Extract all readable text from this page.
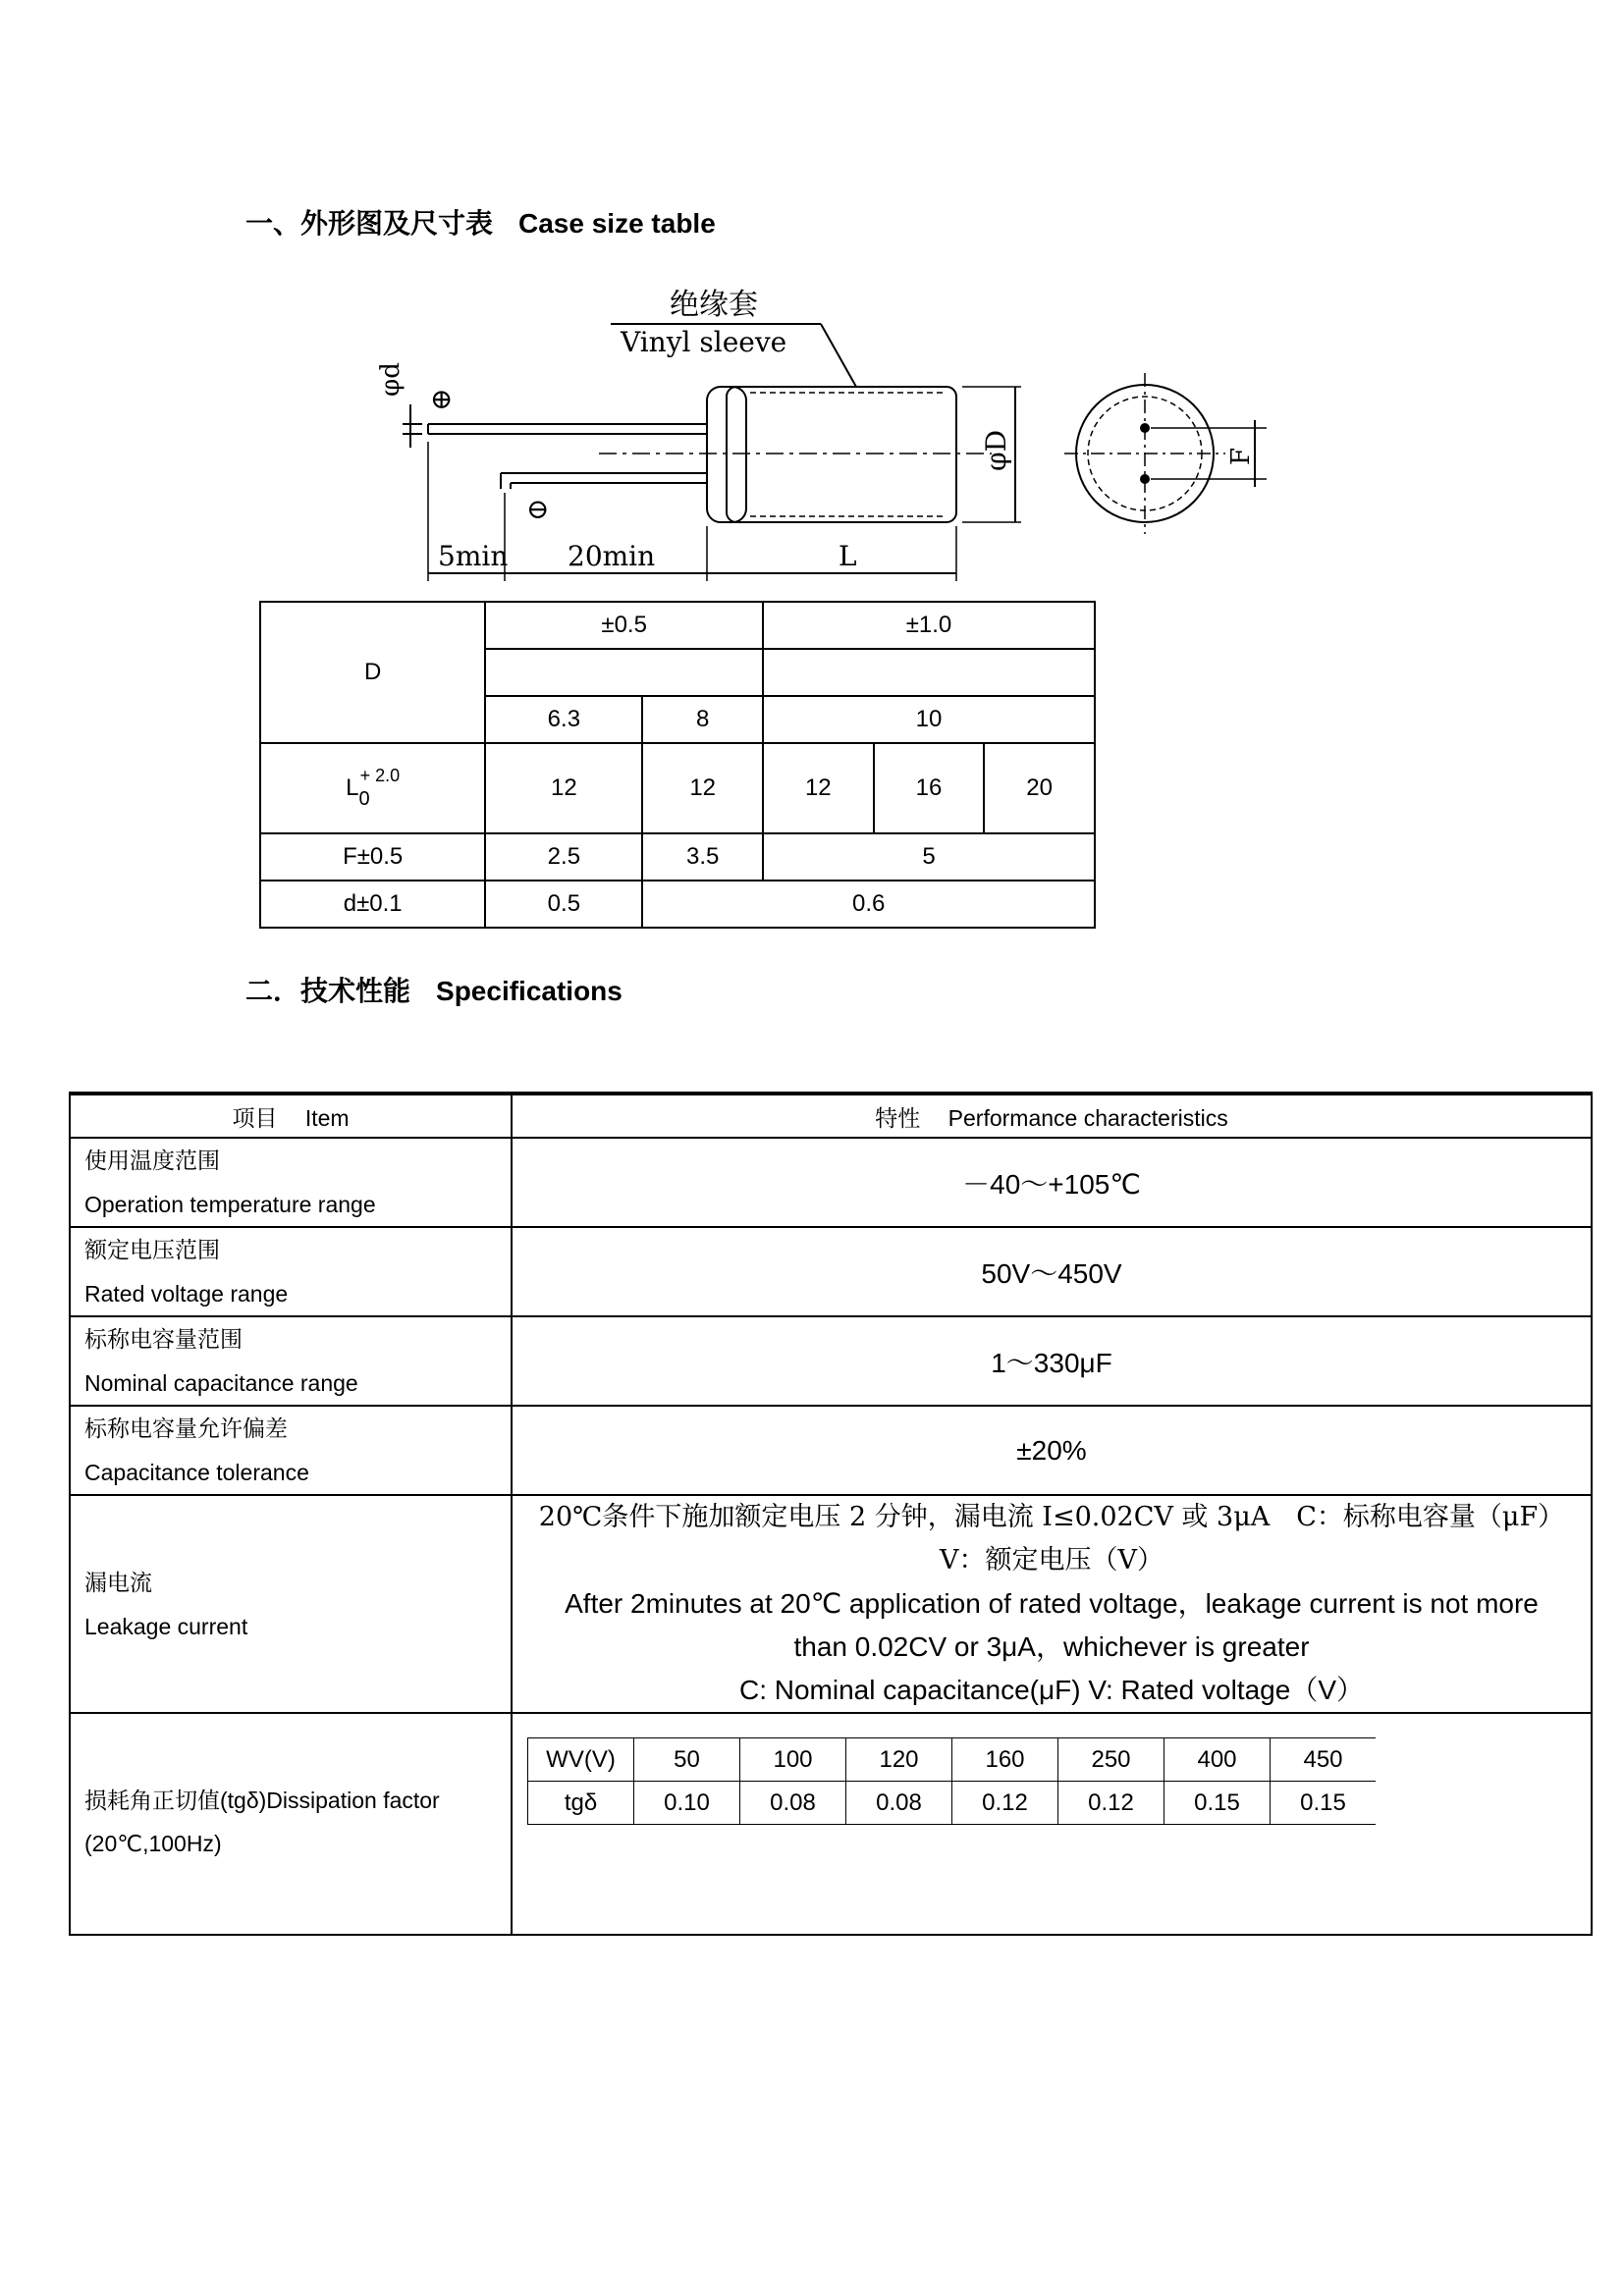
一、外形图及尺寸表 Case size table
绝缘套
Vinyl sleeve
φd
⊕
⊖
φD
5min 20min	L
F
D	±0.5		±1.0		

	6.3	8	10		
$L_0^{+ 2.0}$	12	12	12	16	20
F±0.5	2.5	3.5	5		
d±0.1	0.5	0.6			
二．技术性能 Specifications
项目 Item	特性 Performance characteristics
使用温度范围
Operation temperature range	－40～+105℃
额定电压范围
Rated voltage range	50V～450V
标称电容量范围
Nominal capacitance range	1～330μF
标称电容量允许偏差
Capacitance tolerance	±20%
漏电流
Leakage current	
20℃条件下施加额定电压 2 分钟，漏电流 I≤0.02CV 或 3μA　C：标称电容量（μF）
V：额定电压（V）
After 2minutes at 20℃ application of rated voltage，leakage current is not more
than 0.02CV or 3μA，whichever is greater
C: Nominal capacitance(μF) V: Rated voltage（V）

损耗角正切值(tgδ)Dissipation factor
(20℃,100Hz)	
WV(V)	50	100	120	160	250	400	450
tgδ	0.10	0.08	0.08	0.12	0.12	0.15	0.15
